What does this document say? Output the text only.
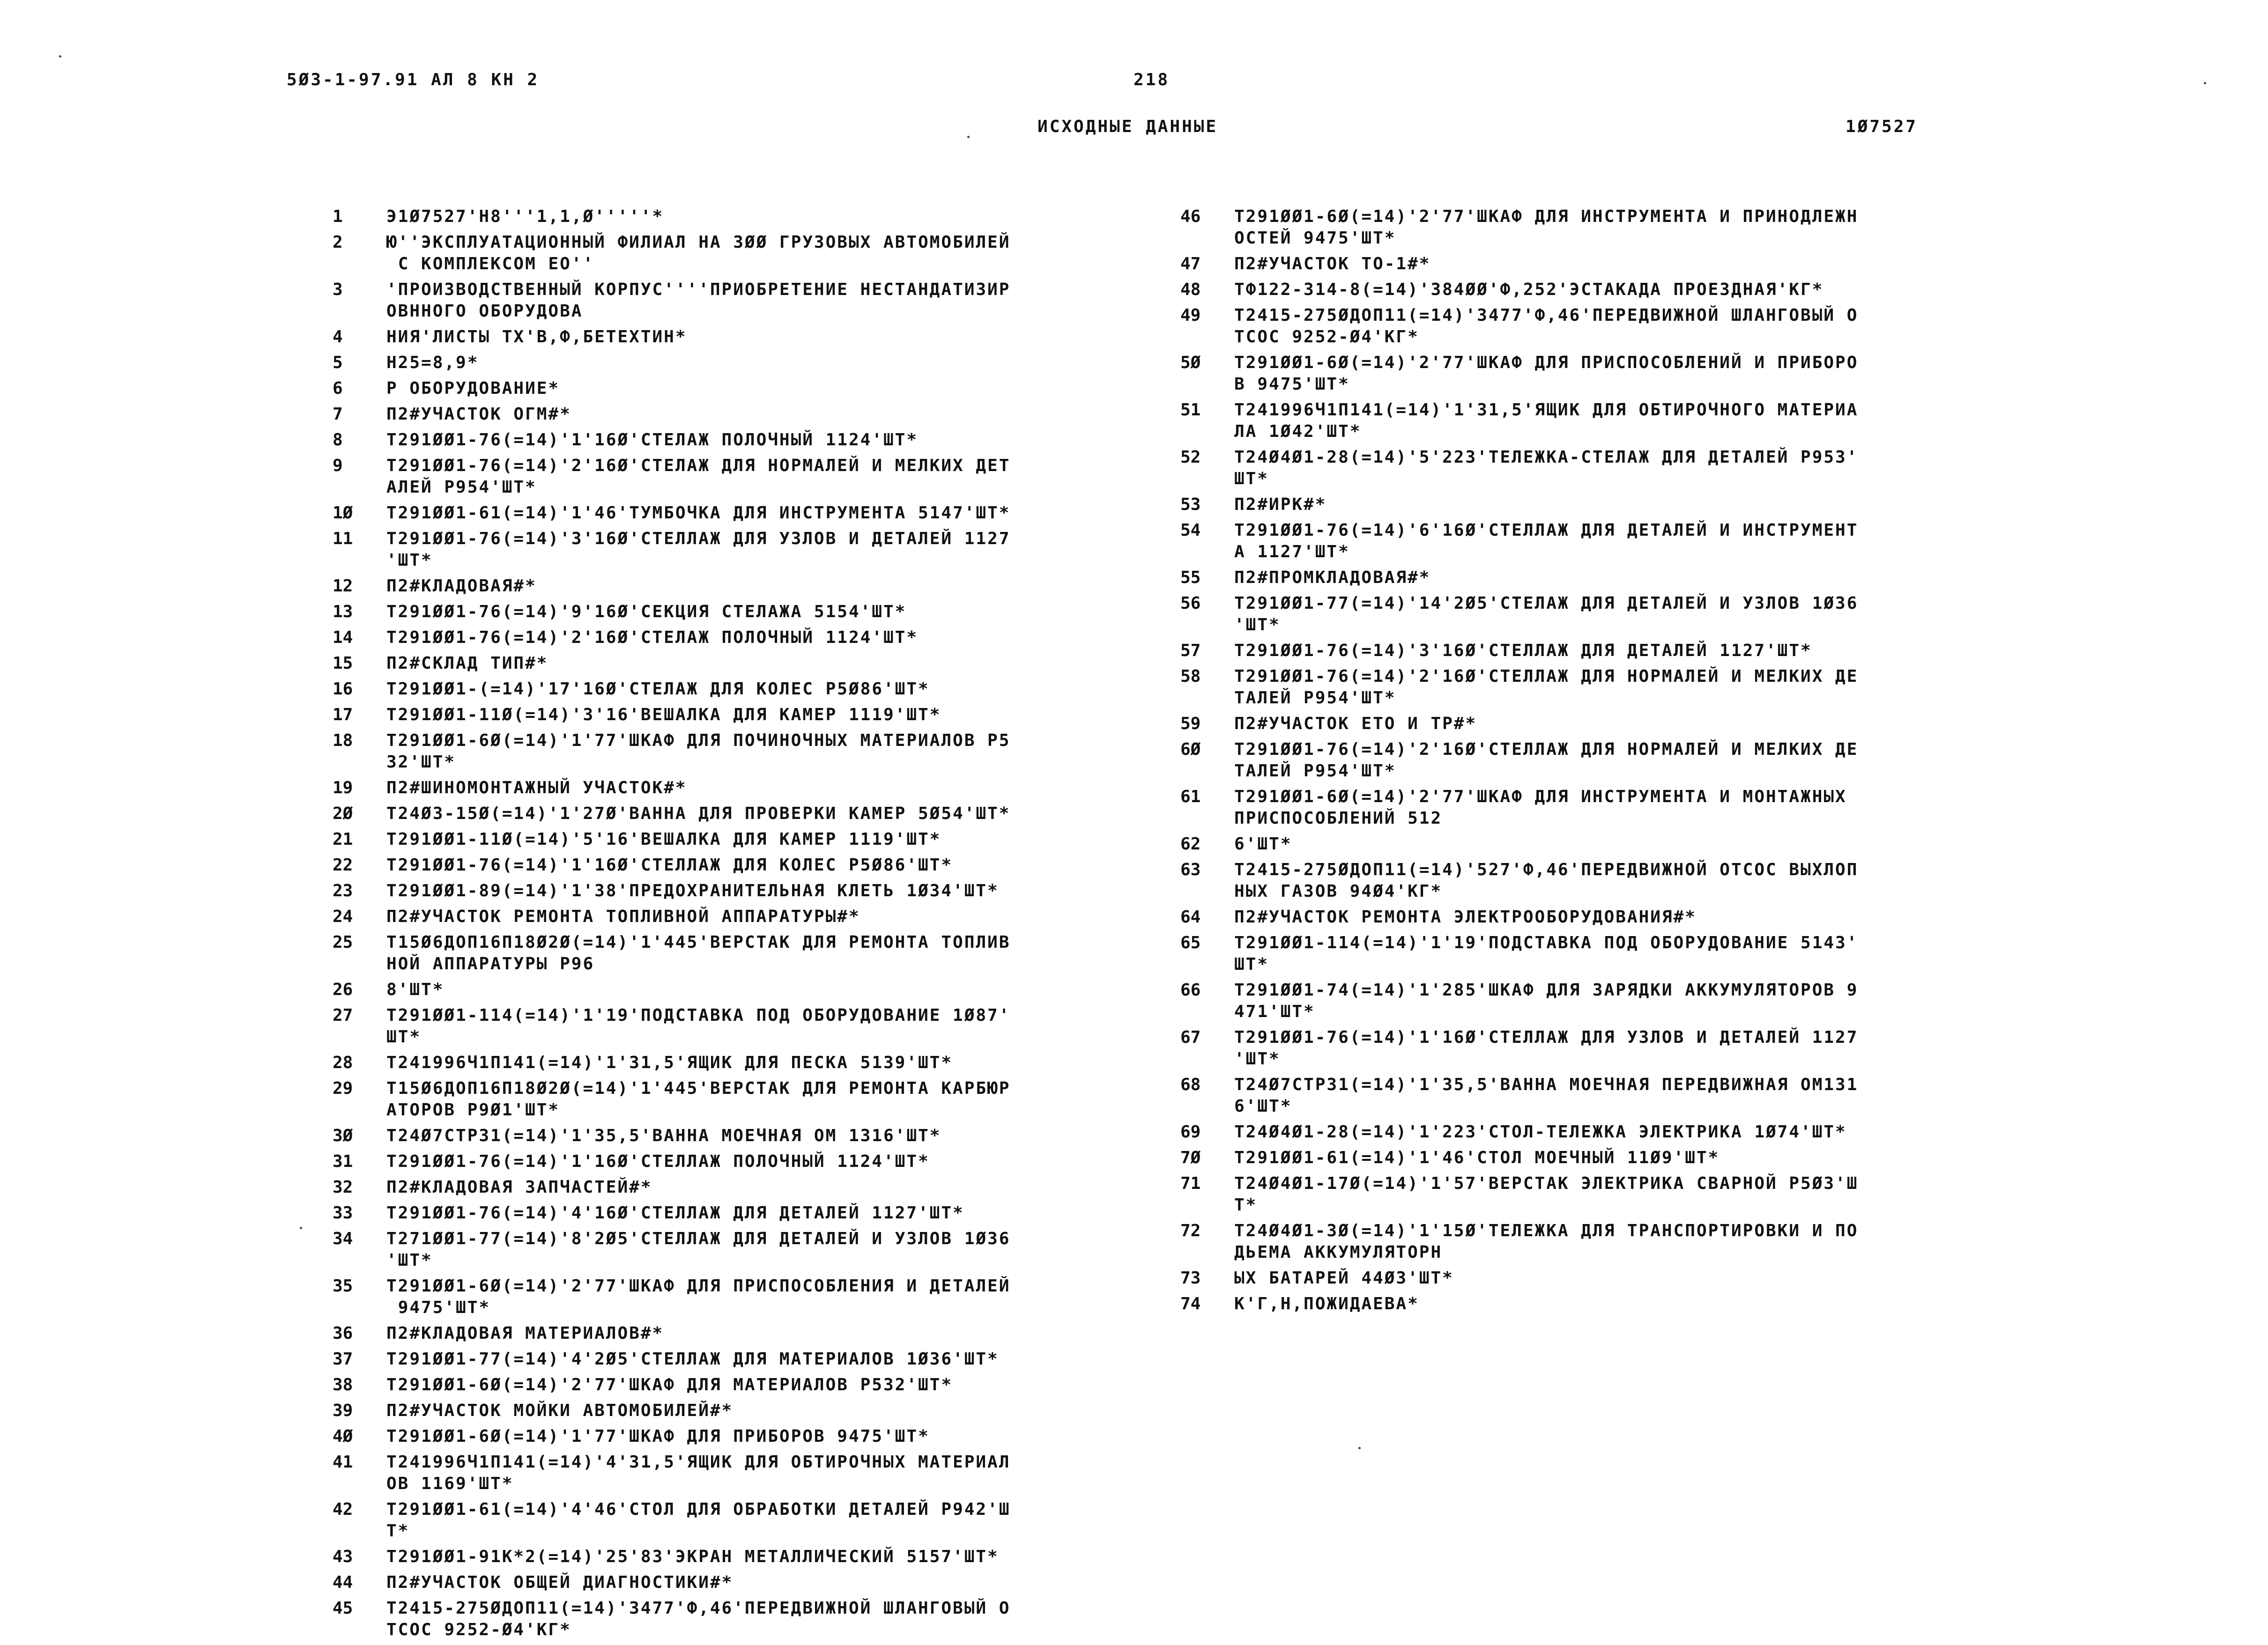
5Ø3-1-97.91 АЛ 8 КН 2	218
ИСХОДНЫЕ ДАННЫЕ	1Ø7527
1	Э1Ø7527'Н8'''1,1,Ø'''''*
2	Ю''ЭКСПЛУАТАЦИОННЫЙ ФИЛИАЛ НА 3ØØ ГРУЗОВЫХ АВТОМОБИЛЕЙ
С КОМПЛЕКСОМ ЕО''
3	'ПРОИЗВОДСТВЕННЫЙ КОРПУС''''ПРИОБРЕТЕНИЕ НЕСТАНДАТИЗИР
ОВННОГО ОБОРУДОВА
4	НИЯ'ЛИСТЫ ТХ'В,Ф,БЕТЕХТИН*
5	Н25=8,9*
6	Р ОБОРУДОВАНИЕ*
7	П2#УЧАСТОК ОГМ#*
8	Т291ØØ1-76(=14)'1'16Ø'СТЕЛАЖ ПОЛОЧНЫЙ 1124'ШТ*
9	Т291ØØ1-76(=14)'2'16Ø'СТЕЛАЖ ДЛЯ НОРМАЛЕЙ И МЕЛКИХ ДЕТ
АЛЕЙ Р954'ШТ*
1Ø	Т291ØØ1-61(=14)'1'46'ТУМБОЧКА ДЛЯ ИНСТРУМЕНТА 5147'ШТ*
11	Т291ØØ1-76(=14)'3'16Ø'СТЕЛЛАЖ ДЛЯ УЗЛОВ И ДЕТАЛЕЙ 1127
'ШТ*
12	П2#КЛАДОВАЯ#*
13	Т291ØØ1-76(=14)'9'16Ø'СЕКЦИЯ СТЕЛАЖА 5154'ШТ*
14	Т291ØØ1-76(=14)'2'16Ø'СТЕЛАЖ ПОЛОЧНЫЙ 1124'ШТ*
15	П2#СКЛАД ТИП#*
16	Т291ØØ1-(=14)'17'16Ø'СТЕЛАЖ ДЛЯ КОЛЕС Р5Ø86'ШТ*
17	Т291ØØ1-11Ø(=14)'3'16'ВЕШАЛКА ДЛЯ КАМЕР 1119'ШТ*
18	Т291ØØ1-6Ø(=14)'1'77'ШКАФ ДЛЯ ПОЧИНОЧНЫХ МАТЕРИАЛОВ Р5
32'ШТ*
19	П2#ШИНОМОНТАЖНЫЙ УЧАСТОК#*
2Ø	Т24Ø3-15Ø(=14)'1'27Ø'ВАННА ДЛЯ ПРОВЕРКИ КАМЕР 5Ø54'ШТ*
21	Т291ØØ1-11Ø(=14)'5'16'ВЕШАЛКА ДЛЯ КАМЕР 1119'ШТ*
22	Т291ØØ1-76(=14)'1'16Ø'СТЕЛЛАЖ ДЛЯ КОЛЕС Р5Ø86'ШТ*
23	Т291ØØ1-89(=14)'1'38'ПРЕДОХРАНИТЕЛЬНАЯ КЛЕТЬ 1Ø34'ШТ*
24	П2#УЧАСТОК РЕМОНТА ТОПЛИВНОЙ АППАРАТУРЫ#*
25	Т15Ø6ДОП16П18Ø2Ø(=14)'1'445'ВЕРСТАК ДЛЯ РЕМОНТА ТОПЛИВ
НОЙ АППАРАТУРЫ Р96
26	8'ШТ*
27	Т291ØØ1-114(=14)'1'19'ПОДСТАВКА ПОД ОБОРУДОВАНИЕ 1Ø87'
ШТ*
28	Т241996Ч1П141(=14)'1'31,5'ЯЩИК ДЛЯ ПЕСКА 5139'ШТ*
29	Т15Ø6ДОП16П18Ø2Ø(=14)'1'445'ВЕРСТАК ДЛЯ РЕМОНТА КАРБЮР
АТОРОВ Р9Ø1'ШТ*
3Ø	Т24Ø7СТР31(=14)'1'35,5'ВАННА МОЕЧНАЯ ОМ 1316'ШТ*
31	Т291ØØ1-76(=14)'1'16Ø'СТЕЛЛАЖ ПОЛОЧНЫЙ 1124'ШТ*
32	П2#КЛАДОВАЯ ЗАПЧАСТЕЙ#*
33	Т291ØØ1-76(=14)'4'16Ø'СТЕЛЛАЖ ДЛЯ ДЕТАЛЕЙ 1127'ШТ*
34	Т271ØØ1-77(=14)'8'2Ø5'СТЕЛЛАЖ ДЛЯ ДЕТАЛЕЙ И УЗЛОВ 1Ø36
'ШТ*
35	Т291ØØ1-6Ø(=14)'2'77'ШКАФ ДЛЯ ПРИСПОСОБЛЕНИЯ И ДЕТАЛЕЙ
9475'ШТ*
36	П2#КЛАДОВАЯ МАТЕРИАЛОВ#*
37	Т291ØØ1-77(=14)'4'2Ø5'СТЕЛЛАЖ ДЛЯ МАТЕРИАЛОВ 1Ø36'ШТ*
38	Т291ØØ1-6Ø(=14)'2'77'ШКАФ ДЛЯ МАТЕРИАЛОВ Р532'ШТ*
39	П2#УЧАСТОК МОЙКИ АВТОМОБИЛЕЙ#*
4Ø	Т291ØØ1-6Ø(=14)'1'77'ШКАФ ДЛЯ ПРИБОРОВ 9475'ШТ*
41	Т241996Ч1П141(=14)'4'31,5'ЯЩИК ДЛЯ ОБТИРОЧНЫХ МАТЕРИАЛ
ОВ 1169'ШТ*
42	Т291ØØ1-61(=14)'4'46'СТОЛ ДЛЯ ОБРАБОТКИ ДЕТАЛЕЙ Р942'Ш
Т*
43	Т291ØØ1-91К*2(=14)'25'83'ЭКРАН МЕТАЛЛИЧЕСКИЙ 5157'ШТ*
44	П2#УЧАСТОК ОБЩЕЙ ДИАГНОСТИКИ#*
45	Т2415-275ØДОП11(=14)'3477'Ф,46'ПЕРЕДВИЖНОЙ ШЛАНГОВЫЙ О
ТСОС 9252-Ø4'КГ*
46	Т291ØØ1-6Ø(=14)'2'77'ШКАФ ДЛЯ ИНСТРУМЕНТА И ПРИНОДЛЕЖН
ОСТЕЙ 9475'ШТ*
47	П2#УЧАСТОК ТО-1#*
48	ТФ122-314-8(=14)'384ØØ'Ф,252'ЭСТАКАДА ПРОЕЗДНАЯ'КГ*
49	Т2415-275ØДОП11(=14)'3477'Ф,46'ПЕРЕДВИЖНОЙ ШЛАНГОВЫЙ О
ТСОС 9252-Ø4'КГ*
5Ø	Т291ØØ1-6Ø(=14)'2'77'ШКАФ ДЛЯ ПРИСПОСОБЛЕНИЙ И ПРИБОРО
В 9475'ШТ*
51	Т241996Ч1П141(=14)'1'31,5'ЯЩИК ДЛЯ ОБТИРОЧНОГО МАТЕРИА
ЛА 1Ø42'ШТ*
52	Т24Ø4Ø1-28(=14)'5'223'ТЕЛЕЖКА-СТЕЛАЖ ДЛЯ ДЕТАЛЕЙ Р953'
ШТ*
53	П2#ИРК#*
54	Т291ØØ1-76(=14)'6'16Ø'СТЕЛЛАЖ ДЛЯ ДЕТАЛЕЙ И ИНСТРУМЕНТ
А 1127'ШТ*
55	П2#ПРОМКЛАДОВАЯ#*
56	Т291ØØ1-77(=14)'14'2Ø5'СТЕЛАЖ ДЛЯ ДЕТАЛЕЙ И УЗЛОВ 1Ø36
'ШТ*
57	Т291ØØ1-76(=14)'3'16Ø'СТЕЛЛАЖ ДЛЯ ДЕТАЛЕЙ 1127'ШТ*
58	Т291ØØ1-76(=14)'2'16Ø'СТЕЛЛАЖ ДЛЯ НОРМАЛЕЙ И МЕЛКИХ ДЕ
ТАЛЕЙ Р954'ШТ*
59	П2#УЧАСТОК ЕТО И ТР#*
6Ø	Т291ØØ1-76(=14)'2'16Ø'СТЕЛЛАЖ ДЛЯ НОРМАЛЕЙ И МЕЛКИХ ДЕ
ТАЛЕЙ Р954'ШТ*
61	Т291ØØ1-6Ø(=14)'2'77'ШКАФ ДЛЯ ИНСТРУМЕНТА И МОНТАЖНЫХ
ПРИСПОСОБЛЕНИЙ 512
62	6'ШТ*
63	Т2415-275ØДОП11(=14)'527'Ф,46'ПЕРЕДВИЖНОЙ ОТСОС ВЫХЛОП
НЫХ ГАЗОВ 94Ø4'КГ*
64	П2#УЧАСТОК РЕМОНТА ЭЛЕКТРООБОРУДОВАНИЯ#*
65	Т291ØØ1-114(=14)'1'19'ПОДСТАВКА ПОД ОБОРУДОВАНИЕ 5143'
ШТ*
66	Т291ØØ1-74(=14)'1'285'ШКАФ ДЛЯ ЗАРЯДКИ АККУМУЛЯТОРОВ 9
471'ШТ*
67	Т291ØØ1-76(=14)'1'16Ø'СТЕЛЛАЖ ДЛЯ УЗЛОВ И ДЕТАЛЕЙ 1127
'ШТ*
68	Т24Ø7СТР31(=14)'1'35,5'ВАННА МОЕЧНАЯ ПЕРЕДВИЖНАЯ ОМ131
6'ШТ*
69	Т24Ø4Ø1-28(=14)'1'223'СТОЛ-ТЕЛЕЖКА ЭЛЕКТРИКА 1Ø74'ШТ*
7Ø	Т291ØØ1-61(=14)'1'46'СТОЛ МОЕЧНЫЙ 11Ø9'ШТ*
71	Т24Ø4Ø1-17Ø(=14)'1'57'ВЕРСТАК ЭЛЕКТРИКА СВАРНОЙ Р5Ø3'Ш
Т*
72	Т24Ø4Ø1-3Ø(=14)'1'15Ø'ТЕЛЕЖКА ДЛЯ ТРАНСПОРТИРОВКИ И ПО
ДЬЕМА АККУМУЛЯТОРН
73	ЫХ БАТАРЕЙ 44Ø3'ШТ*
74	К'Г,Н,ПОЖИДАЕВА*
